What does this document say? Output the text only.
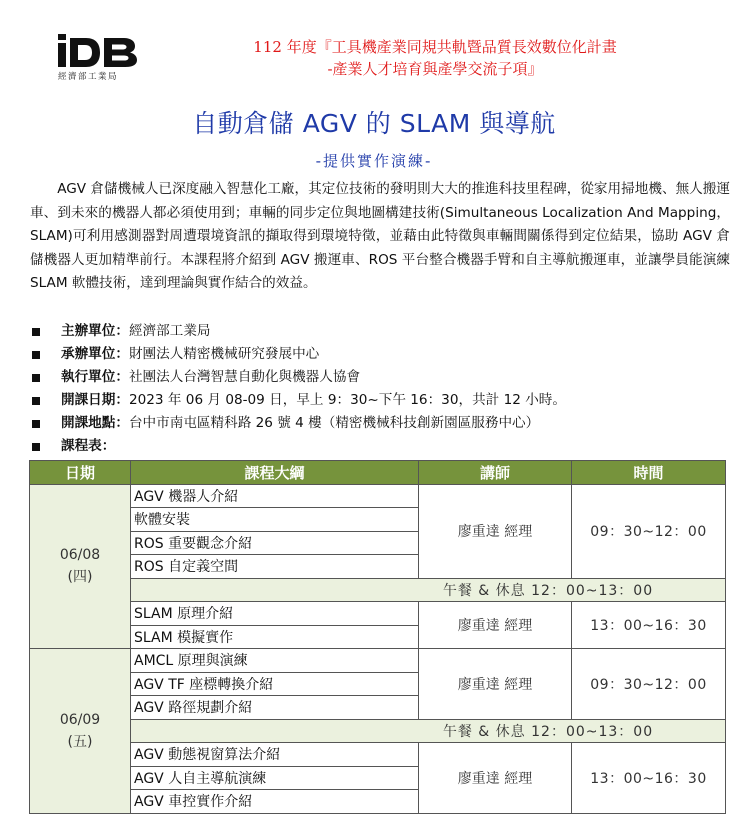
經濟部工業局
112 年度『工具機產業同規共軌暨品質長效數位化計畫
-產業人才培育與產學交流子項』
自動倉儲 AGV 的 SLAM 與導航
-提供實作演練-

AGV 倉儲機械人已深度融入智慧化工廠，其定位技術的發明則大大的推進科技里程碑，從家用掃地機、無人搬運車、到未來的機器人都必須使用到；車輛的同步定位與地圖構建技術(Simultaneous Localization And Mapping，SLAM)可利用感測器對周遭環境資訊的擷取得到環境特徵，並藉由此特徵與車輛間關係得到定位結果，協助 AGV 倉儲機器人更加精準前行。本課程將介紹到 AGV 搬運車、ROS 平台整合機器手臂和自主導航搬運車，並讓學員能演練 SLAM 軟體技術，達到理論與實作結合的效益。

主辦單位：經濟部工業局
承辦單位：財團法人精密機械研究發展中心
執行單位：社團法人台灣智慧自動化與機器人協會
開課日期：2023 年 06 月 08-09 日，早上 9：30~下午 16：30，共計 12 小時。
開課地點：台中市南屯區精科路 26 號 4 樓（精密機械科技創新園區服務中心）
課程表：
日期	課程大綱	講師	時間

06/08
(四)	AGV 機器人介紹	廖重達 經理	09：30~12：00
	軟體安裝		
	ROS 重要觀念介紹		
	ROS 自定義空間		
	午餐 & 休息 12：00~13：00		
	SLAM 原理介紹	廖重達 經理	13：00~16：30
	SLAM 模擬實作		

06/09
(五)	AMCL 原理與演練	廖重達 經理	09：30~12：00
	AGV TF 座標轉換介紹		
	AGV 路徑規劃介紹		
	午餐 & 休息 12：00~13：00		
	AGV 動態視窗算法介紹	廖重達 經理	13：00~16：30
	AGV 人自主導航演練		
	AGV 車控實作介紹		
